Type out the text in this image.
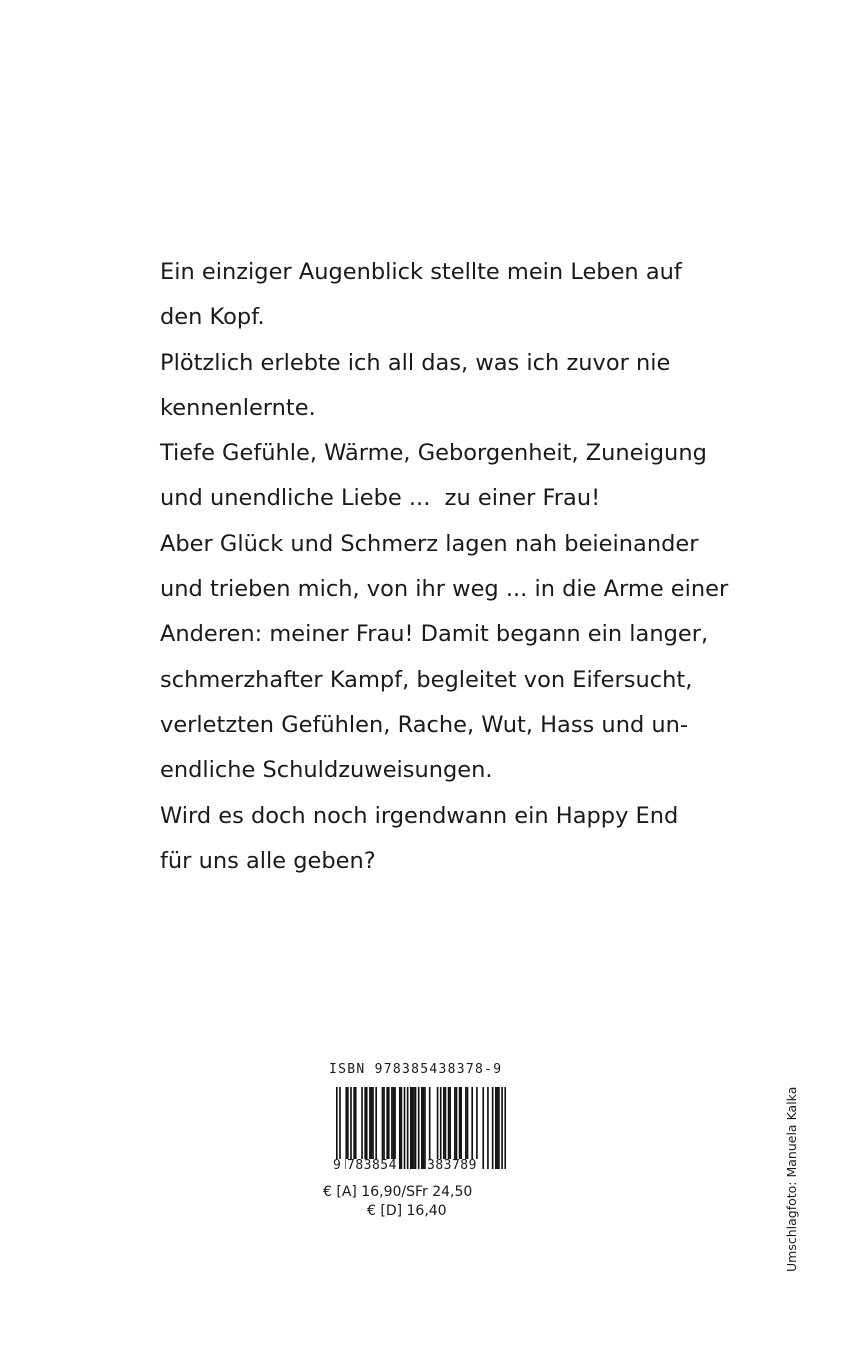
Ein einziger Augenblick stellte mein Leben auf
den Kopf.
Plötzlich erlebte ich all das, was ich zuvor nie
kennenlernte.
Tiefe Gefühle, Wärme, Geborgenheit, Zuneigung
und unendliche Liebe ...  zu einer Frau!
Aber Glück und Schmerz lagen nah beieinander
und trieben mich, von ihr weg ... in die Arme einer
Anderen: meiner Frau! Damit begann ein langer,
schmerzhafter Kampf, begleitet von Eifersucht,
verletzten Gefühlen, Rache, Wut, Hass und un-
endliche Schuldzuweisungen.
Wird es doch noch irgendwann ein Happy End
für uns alle geben?
ISBN 978385438378-9
9 783854 383789
€ [A] 16,90/SFr 24,50
€ [D] 16,40	Umschlagfoto: Manuela Kalka
